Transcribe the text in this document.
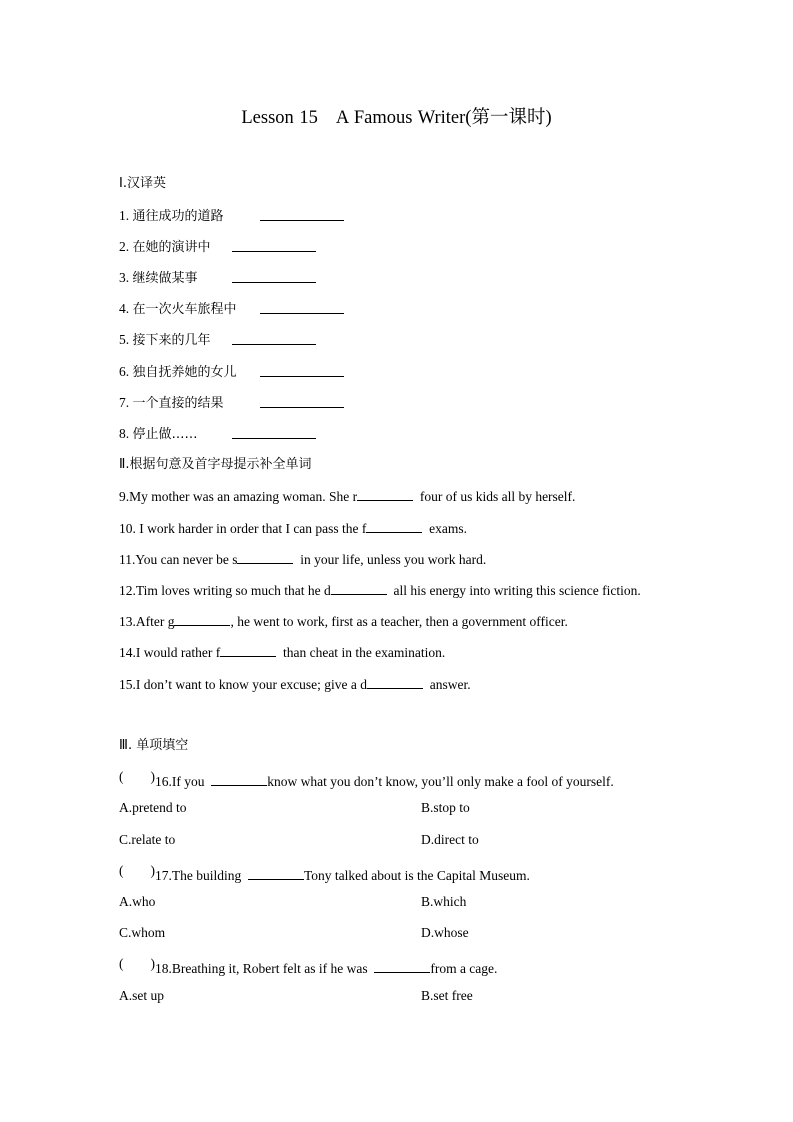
Lesson 15 A Famous Writer(第一课时)
Ⅰ.汉译英
1. 通往成功的道路
2. 在她的演讲中
3. 继续做某事
4. 在一次火车旅程中
5. 接下来的几年
6. 独自抚养她的女儿
7. 一个直接的结果
8. 停止做……
Ⅱ.根据句意及首字母提示补全单词
9.My mother was an amazing woman. She r	four of us kids all by herself.
10. I work harder in order that I can pass the f	exams.
11.You can never be s	in your life, unless you work hard.
12.Tim loves writing so much that he d	all his energy into writing this science fiction.
13.After g	, he went to work, first as a teacher, then a government officer.
14.I would rather f	than cheat in the examination.
15.I don’t want to know your excuse; give a d	answer.
Ⅲ. 单项填空
( ) 16.If you	know what you don’t know, you’ll only make a fool of yourself.
A.pretend to	B.stop to
C.relate to	D.direct to
( ) 17.The building	Tony talked about is the Capital Museum.
A.who	B.which
C.whom	D.whose
( ) 18.Breathing it, Robert felt as if he was	from a cage.
A.set up	B.set free
